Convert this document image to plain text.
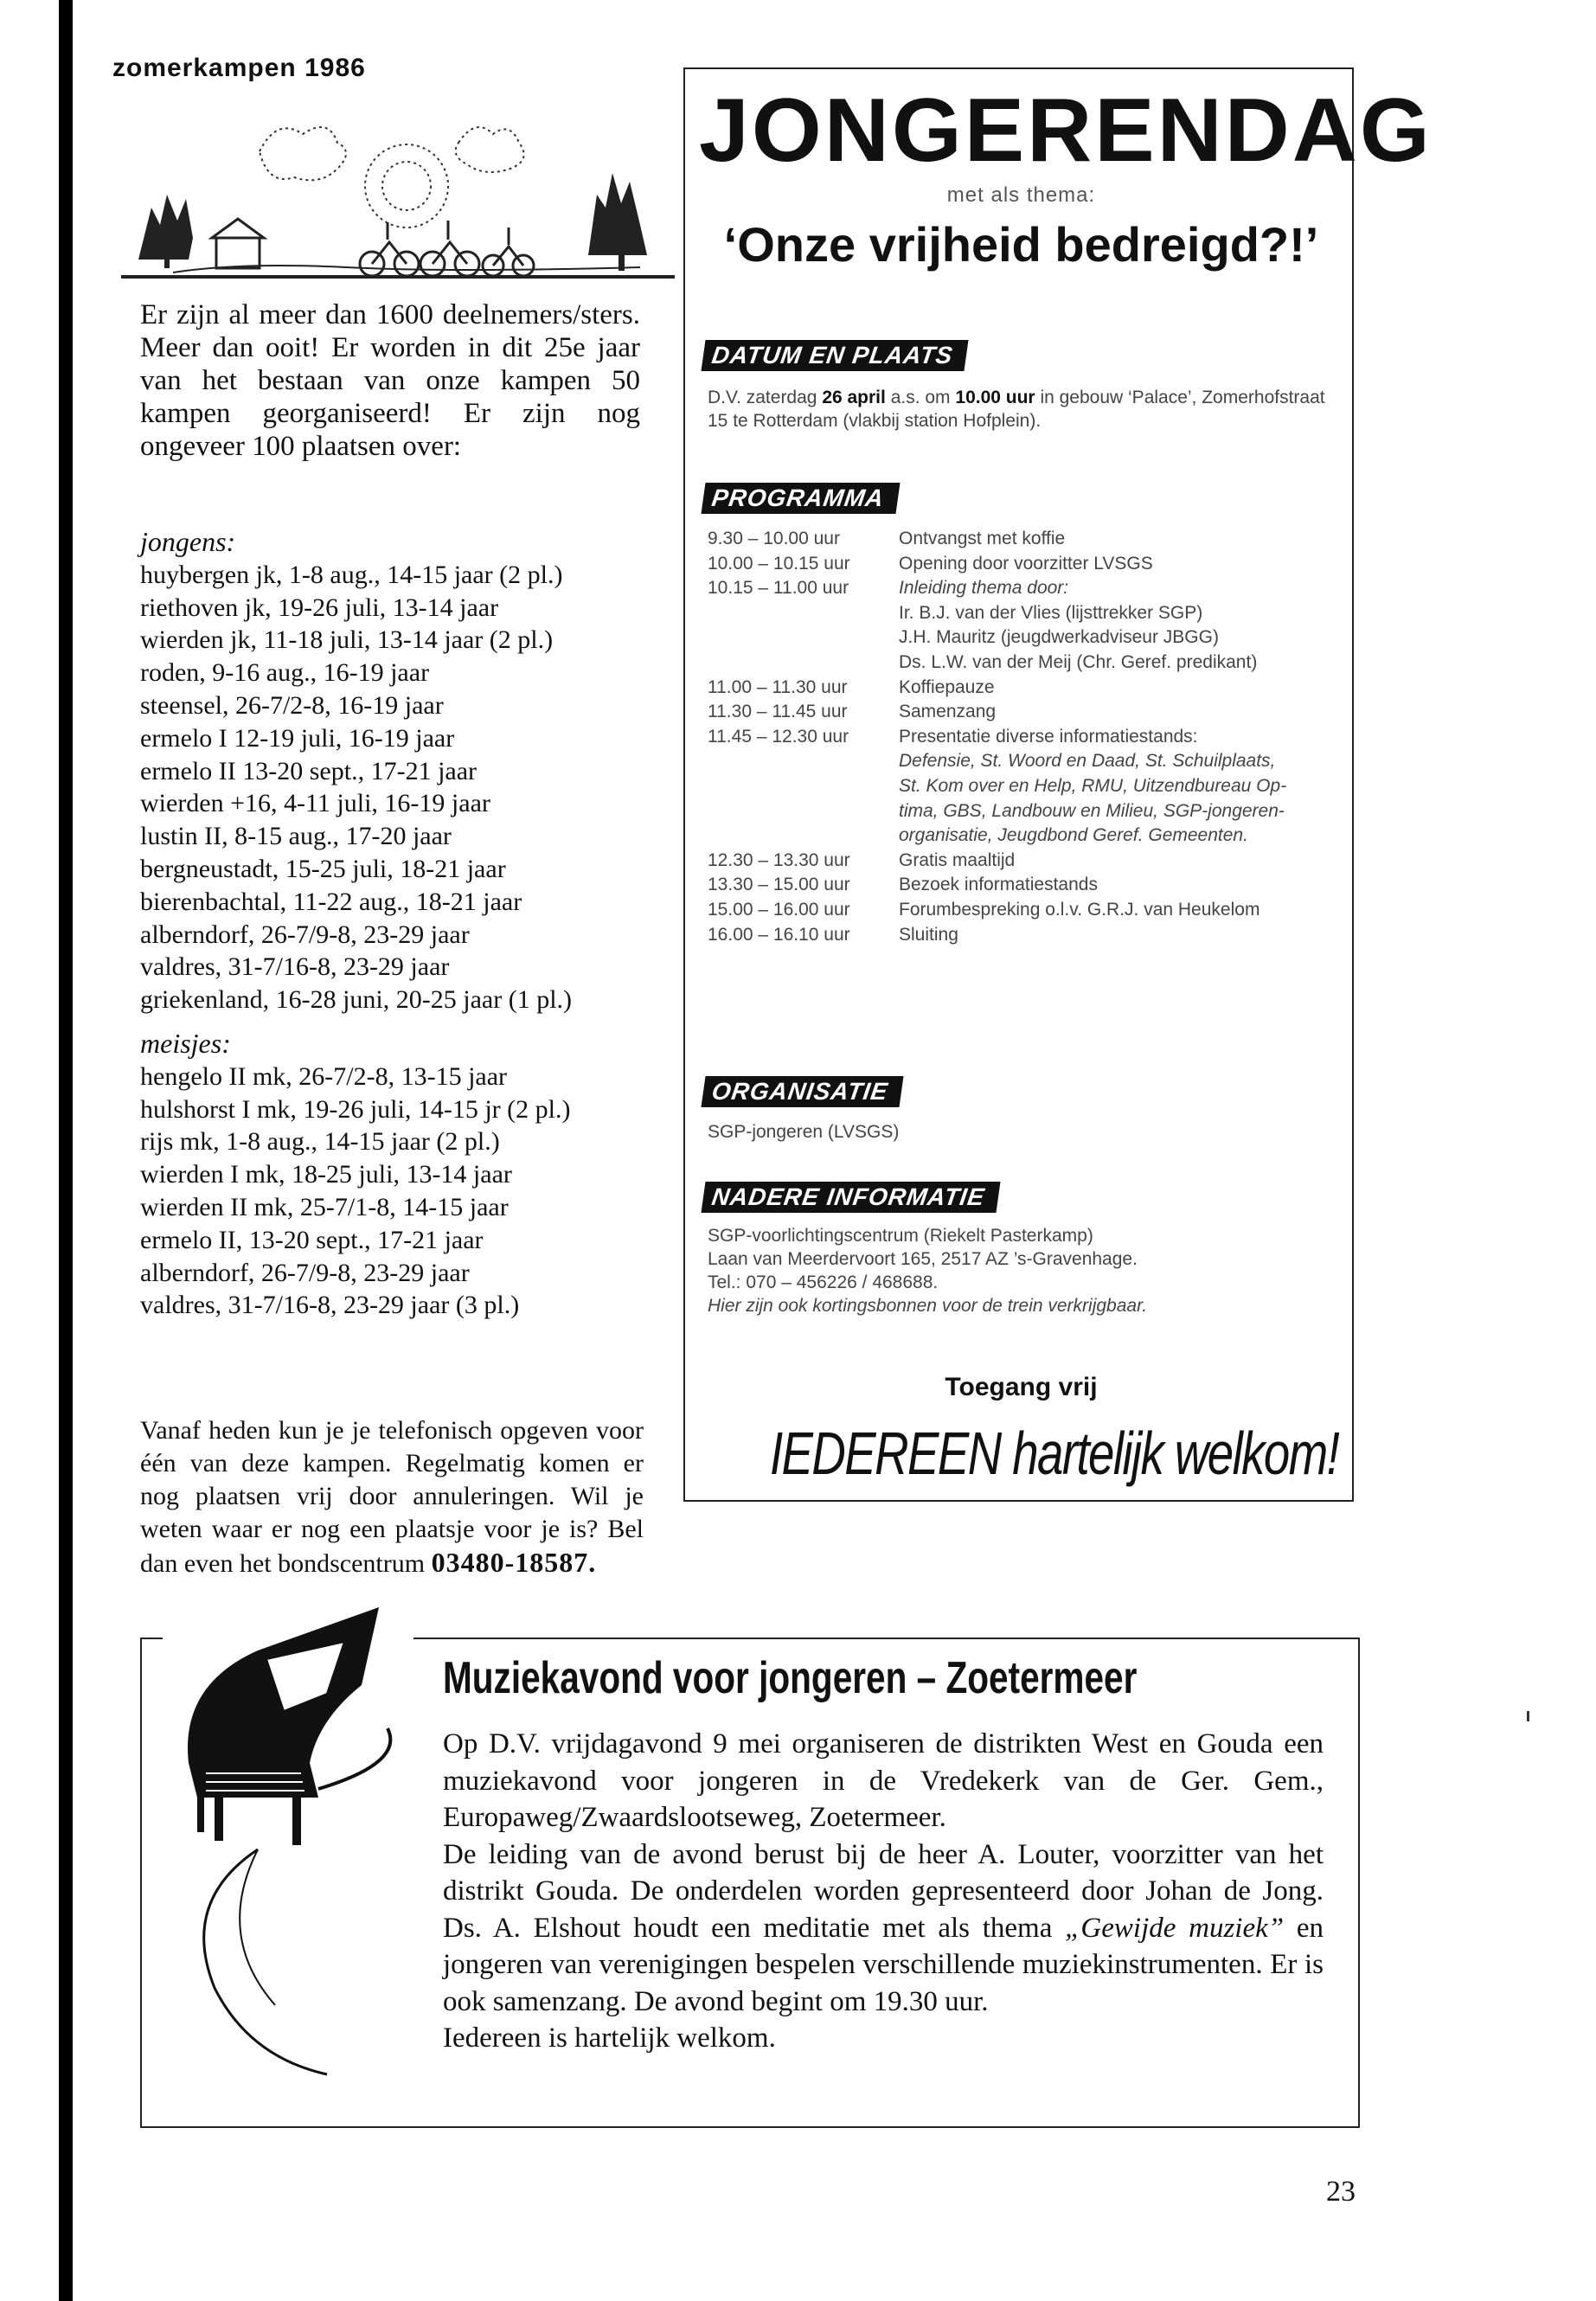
zomerkampen 1986
Er zijn al meer dan 1600 deelnemers/sters. Meer dan ooit! Er worden in dit 25e jaar van het bestaan van onze kampen 50 kampen georganiseerd! Er zijn nog ongeveer 100 plaatsen over:
jongens:
huybergen jk, 1-8 aug., 14-15 jaar (2 pl.)
riethoven jk, 19-26 juli, 13-14 jaar
wierden jk, 11-18 juli, 13-14 jaar (2 pl.)
roden, 9-16 aug., 16-19 jaar
steensel, 26-7/2-8, 16-19 jaar
ermelo I 12-19 juli, 16-19 jaar
ermelo II 13-20 sept., 17-21 jaar
wierden +16, 4-11 juli, 16-19 jaar
lustin II, 8-15 aug., 17-20 jaar
bergneustadt, 15-25 juli, 18-21 jaar
bierenbachtal, 11-22 aug., 18-21 jaar
alberndorf, 26-7/9-8, 23-29 jaar
valdres, 31-7/16-8, 23-29 jaar
griekenland, 16-28 juni, 20-25 jaar (1 pl.)
meisjes:
hengelo II mk, 26-7/2-8, 13-15 jaar
hulshorst I mk, 19-26 juli, 14-15 jr (2 pl.)
rijs mk, 1-8 aug., 14-15 jaar (2 pl.)
wierden I mk, 18-25 juli, 13-14 jaar
wierden II mk, 25-7/1-8, 14-15 jaar
ermelo II, 13-20 sept., 17-21 jaar
alberndorf, 26-7/9-8, 23-29 jaar
valdres, 31-7/16-8, 23-29 jaar (3 pl.)
Vanaf heden kun je je telefonisch opgeven voor één van deze kampen. Regelmatig komen er nog plaatsen vrij door annuleringen. Wil je weten waar er nog een plaatsje voor je is? Bel dan even het bondscentrum 03480-18587.
JONGERENDAG
met als thema:
‘Onze vrijheid bedreigd?!’
DATUM EN PLAATS
D.V. zaterdag 26 april a.s. om 10.00 uur in gebouw ‘Palace’, Zomerhofstraat 15 te Rotterdam (vlakbij station Hofplein).
PROGRAMMA
9.30 – 10.00 uur	Ontvangst met koffie
10.00 – 10.15 uur	Opening door voorzitter LVSGS
10.15 – 11.00 uur	Inleiding thema door:
Ir. B.J. van der Vlies (lijsttrekker SGP)
J.H. Mauritz (jeugdwerkadviseur JBGG)
Ds. L.W. van der Meij (Chr. Geref. predikant)
11.00 – 11.30 uur	Koffiepauze
11.30 – 11.45 uur	Samenzang
11.45 – 12.30 uur	Presentatie diverse informatiestands:
Defensie, St. Woord en Daad, St. Schuilplaats,
St. Kom over en Help, RMU, Uitzendbureau Op-
tima, GBS, Landbouw en Milieu, SGP-jongeren-
organisatie, Jeugdbond Geref. Gemeenten.
12.30 – 13.30 uur	Gratis maaltijd
13.30 – 15.00 uur	Bezoek informatiestands
15.00 – 16.00 uur	Forumbespreking o.l.v. G.R.J. van Heukelom
16.00 – 16.10 uur	Sluiting
ORGANISATIE
SGP-jongeren (LVSGS)
NADERE INFORMATIE
SGP-voorlichtingscentrum (Riekelt Pasterkamp)
Laan van Meerdervoort 165, 2517 AZ ’s-Gravenhage.
Tel.: 070 – 456226 / 468688.
Hier zijn ook kortingsbonnen voor de trein verkrijgbaar.
Toegang vrij
IEDEREEN hartelijk welkom!
Muziekavond voor jongeren – Zoetermeer

Op D.V. vrijdagavond 9 mei organiseren de distrikten West en Gouda een muziekavond voor jongeren in de Vredekerk van de Ger. Gem., Europaweg/Zwaardslootseweg, Zoetermeer.

De leiding van de avond berust bij de heer A. Louter, voorzitter van het distrikt Gouda. De onderdelen worden gepresenteerd door Johan de Jong. Ds. A. Elshout houdt een meditatie met als thema „Gewijde muziek” en jongeren van verenigingen bespelen verschillende muziekinstrumenten. Er is ook samenzang. De avond begint om 19.30 uur.

Iedereen is hartelijk welkom.

23
